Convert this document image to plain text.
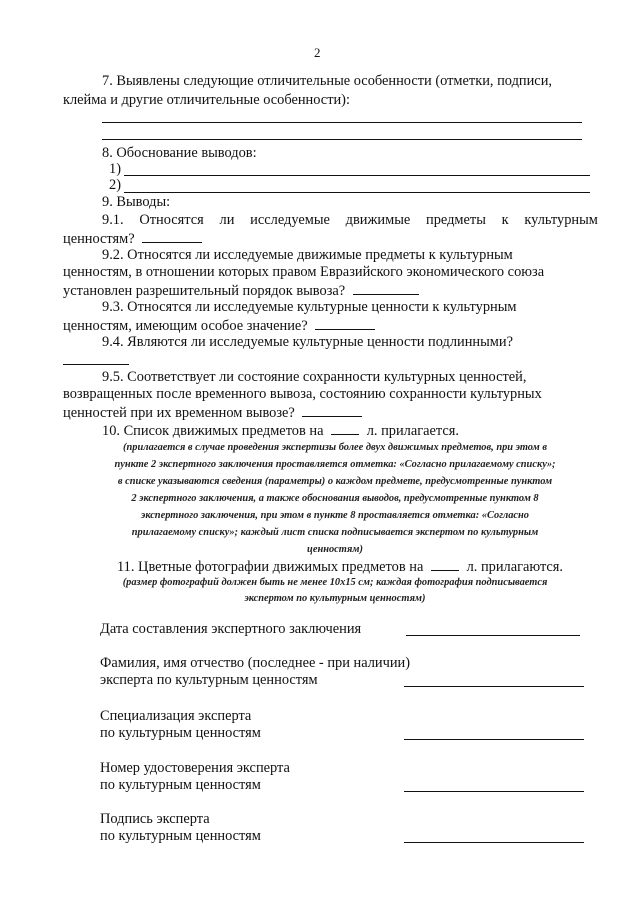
2
7. Выявлены следующие отличительные особенности (отметки, подписи,
клейма и другие отличительные особенности):
8. Обоснование выводов:
1)
2)
9. Выводы:
9.1. Относятся ли исследуемые движимые предметы к культурным
ценностям?
9.2. Относятся ли исследуемые движимые предметы к культурным
ценностям, в отношении которых правом Евразийского экономического союза
установлен разрешительный порядок вывоза?
9.3. Относятся ли исследуемые культурные ценности к культурным
ценностям, имеющим особое значение?
9.4. Являются ли исследуемые культурные ценности подлинными?
9.5. Соответствует ли состояние сохранности культурных ценностей,
возвращенных после временного вывоза, состоянию сохранности культурных
ценностей при их временном вывозе?
10. Список движимых предметов на	л. прилагается.
(прилагается в случае проведения экспертизы более двух движимых предметов, при этом в
пункте 2 экспертного заключения проставляется отметка: «Согласно прилагаемому списку»;
в списке указываются сведения (параметры) о каждом предмете, предусмотренные пунктом
2 экспертного заключения, а также обоснования выводов, предусмотренные пунктом 8
экспертного заключения, при этом в пункте 8 проставляется отметка: «Согласно
прилагаемому списку»; каждый лист списка подписывается экспертом по культурным
ценностям)
11. Цветные фотографии движимых предметов на	л. прилагаются.
(размер фотографий должен быть не менее 10х15 см; каждая фотография подписывается
экспертом по культурным ценностям)
Дата составления экспертного заключения
Фамилия, имя отчество (последнее - при наличии)
эксперта по культурным ценностям
Специализация эксперта
по культурным ценностям
Номер удостоверения эксперта
по культурным ценностям
Подпись эксперта
по культурным ценностям
